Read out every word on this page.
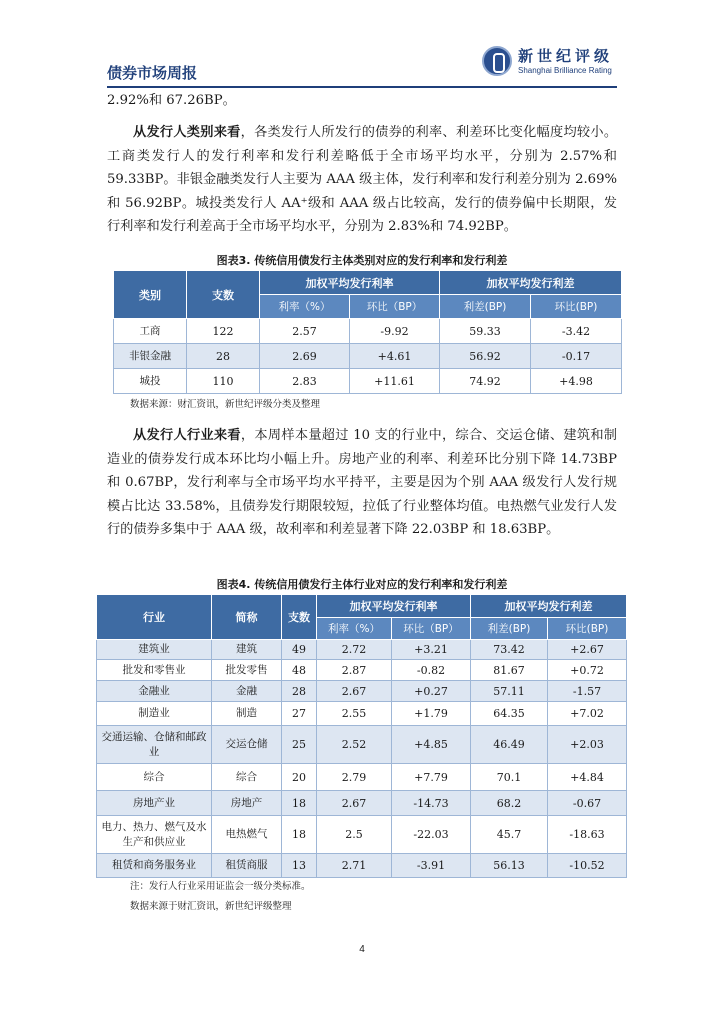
债券市场周报
新世纪评级
Shanghai Brilliance Rating
2.92%和 67.26BP。
从发行人类别来看，各类发行人所发行的债券的利率、利差环比变化幅度均较小。工商类发行人的发行利率和发行利差略低于全市场平均水平，分别为 2.57%和 59.33BP。非银金融类发行人主要为 AAA 级主体，发行利率和发行利差分别为 2.69%和 56.92BP。城投类发行人 AA⁺级和 AAA 级占比较高，发行的债券偏中长期限，发行利率和发行利差高于全市场平均水平，分别为 2.83%和 74.92BP。
图表3. 传统信用债发行主体类别对应的发行利率和发行利差
类别	支数	加权平均发行利率		加权平均发行利差	
		利率（%）	环比（BP）	利差(BP)	环比(BP)
工商	122	2.57	-9.92	59.33	-3.42
非银金融	28	2.69	+4.61	56.92	-0.17
城投	110	2.83	+11.61	74.92	+4.98
数据来源：财汇资讯，新世纪评级分类及整理
从发行人行业来看，本周样本量超过 10 支的行业中，综合、交运仓储、建筑和制造业的债券发行成本环比均小幅上升。房地产业的利率、利差环比分别下降 14.73BP 和 0.67BP，发行利率与全市场平均水平持平，主要是因为个别 AAA 级发行人发行规模占比达 33.58%，且债券发行期限较短，拉低了行业整体均值。电热燃气业发行人发行的债券多集中于 AAA 级，故利率和利差显著下降 22.03BP 和 18.63BP。
图表4. 传统信用债发行主体行业对应的发行利率和发行利差
行业	简称	支数	加权平均发行利率		加权平均发行利差	
			利率（%）	环比（BP）	利差(BP)	环比(BP)
建筑业	建筑	49	2.72	+3.21	73.42	+2.67
批发和零售业	批发零售	48	2.87	-0.82	81.67	+0.72
金融业	金融	28	2.67	+0.27	57.11	-1.57
制造业	制造	27	2.55	+1.79	64.35	+7.02
交通运输、仓储和邮政业	交运仓储	25	2.52	+4.85	46.49	+2.03
综合	综合	20	2.79	+7.79	70.1	+4.84
房地产业	房地产	18	2.67	-14.73	68.2	-0.67
电力、热力、燃气及水生产和供应业	电热燃气	18	2.5	-22.03	45.7	-18.63
租赁和商务服务业	租赁商服	13	2.71	-3.91	56.13	-10.52
注：发行人行业采用证监会一级分类标准。
数据来源于财汇资讯，新世纪评级整理
4
